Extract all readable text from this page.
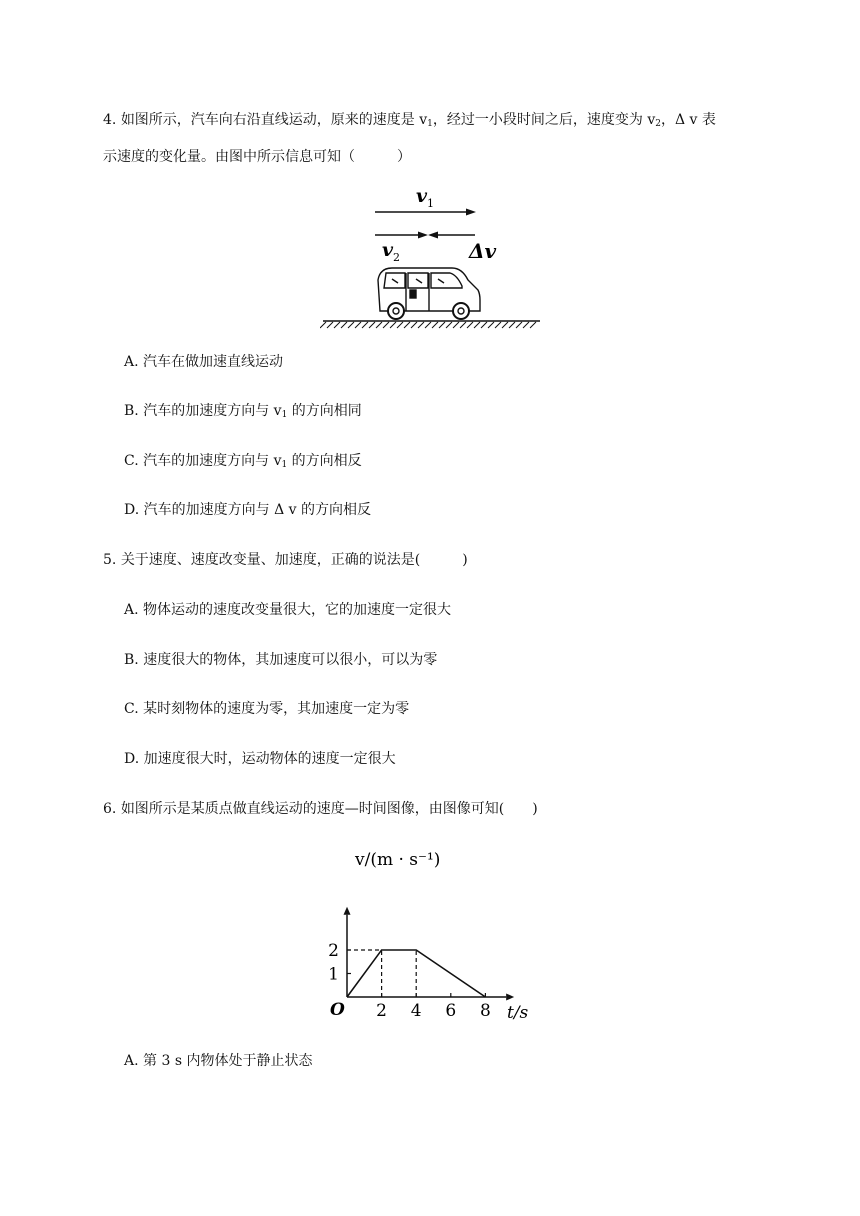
4. 如图所示，汽车向右沿直线运动，原来的速度是 $v_1$，经过一小段时间之后，速度变为 $v_2$，Δ v 表
示速度的变化量。由图中所示信息可知（　　　）
$v_1$
$v_2$	Δv
A. 汽车在做加速直线运动
B. 汽车的加速度方向与 $v_1$ 的方向相同
C. 汽车的加速度方向与 $v_1$ 的方向相反
D. 汽车的加速度方向与 Δ v 的方向相反
5. 关于速度、速度改变量、加速度，正确的说法是(　　　)
A. 物体运动的速度改变量很大，它的加速度一定很大
B. 速度很大的物体，其加速度可以很小，可以为零
C. 某时刻物体的速度为零，其加速度一定为零
D. 加速度很大时，运动物体的速度一定很大
6. 如图所示是某质点做直线运动的速度—时间图像，由图像可知(　　)
v/(m · s⁻¹)
t/s
O 2 4 6 8
1
2
A. 第 3 s 内物体处于静止状态
